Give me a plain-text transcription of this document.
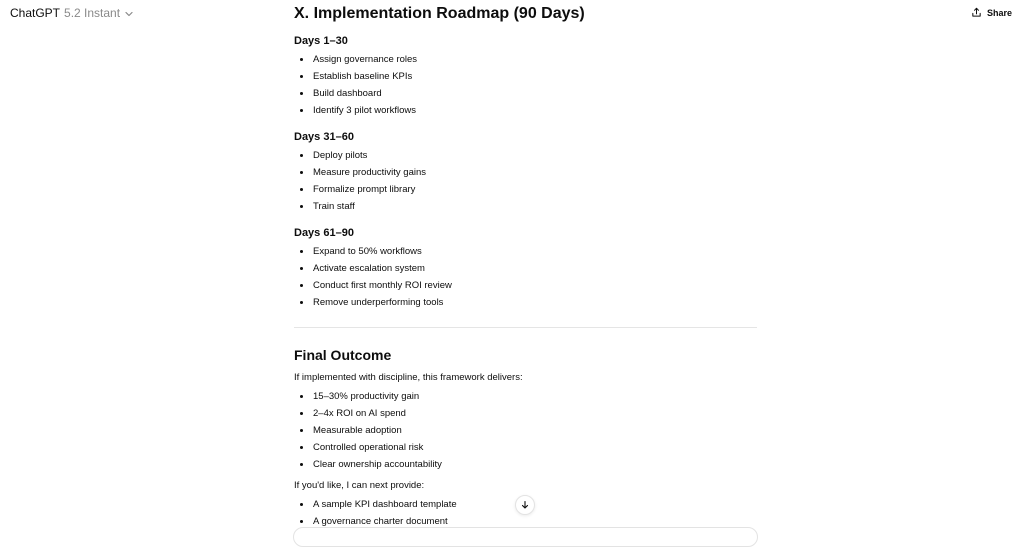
ChatGPT 5.2 Instant	Share
X. Implementation Roadmap (90 Days)
Days 1–30
Assign governance roles
Establish baseline KPIs
Build dashboard
Identify 3 pilot workflows
Days 31–60
Deploy pilots
Measure productivity gains
Formalize prompt library
Train staff
Days 61–90
Expand to 50% workflows
Activate escalation system
Conduct first monthly ROI review
Remove underperforming tools
Final Outcome
If implemented with discipline, this framework delivers:
15–30% productivity gain
2–4x ROI on AI spend
Measurable adoption
Controlled operational risk
Clear ownership accountability
If you'd like, I can next provide:
A sample KPI dashboard template
A governance charter document
